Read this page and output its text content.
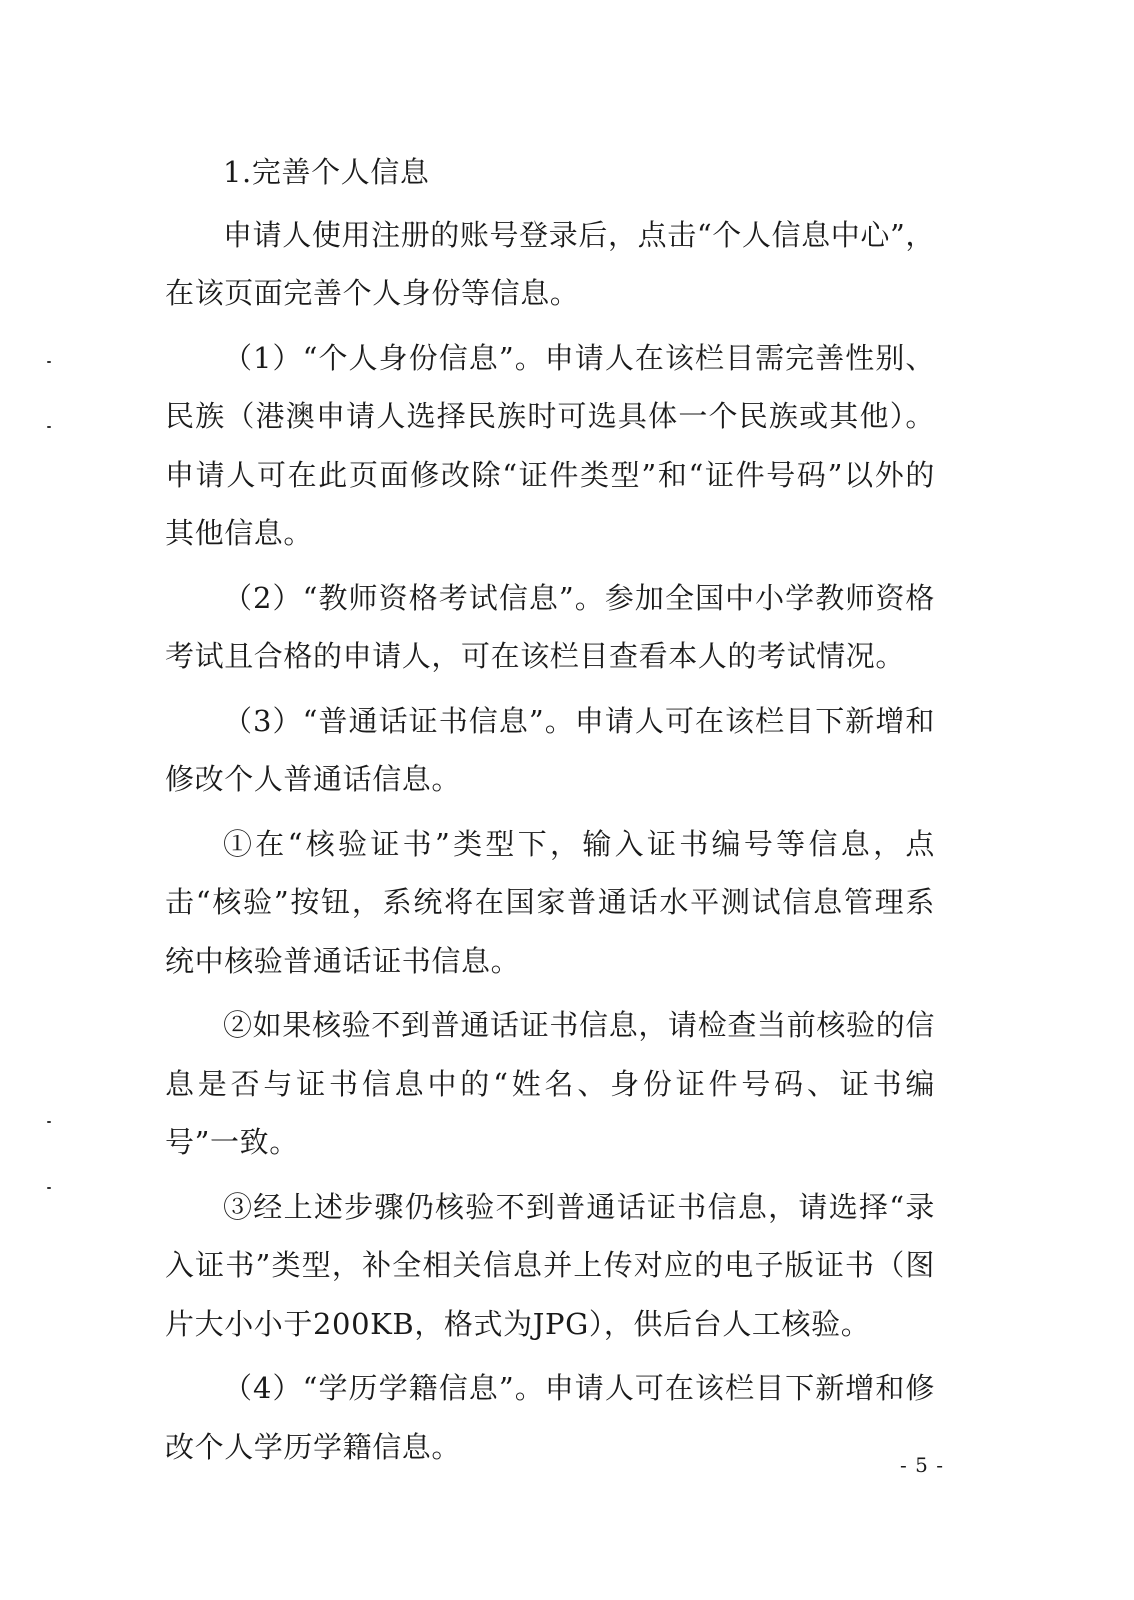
1.完善个人信息

申请人使用注册的账号登录后，点击“个人信息中心”，在该页面完善个人身份等信息。

（1）“个人身份信息”。申请人在该栏目需完善性别、民族（港澳申请人选择民族时可选具体一个民族或其他）。申请人可在此页面修改除“证件类型”和“证件号码”以外的其他信息。

（2）“教师资格考试信息”。参加全国中小学教师资格考试且合格的申请人，可在该栏目查看本人的考试情况。

（3）“普通话证书信息”。申请人可在该栏目下新增和修改个人普通话信息。

①在“核验证书”类型下，输入证书编号等信息，点击“核验”按钮，系统将在国家普通话水平测试信息管理系统中核验普通话证书信息。

②如果核验不到普通话证书信息，请检查当前核验的信息是否与证书信息中的“姓名、身份证件号码、证书编号”一致。

③经上述步骤仍核验不到普通话证书信息，请选择“录入证书”类型，补全相关信息并上传对应的电子版证书（图片大小小于200KB，格式为JPG），供后台人工核验。

（4）“学历学籍信息”。申请人可在该栏目下新增和修改个人学历学籍信息。

- 5 -
